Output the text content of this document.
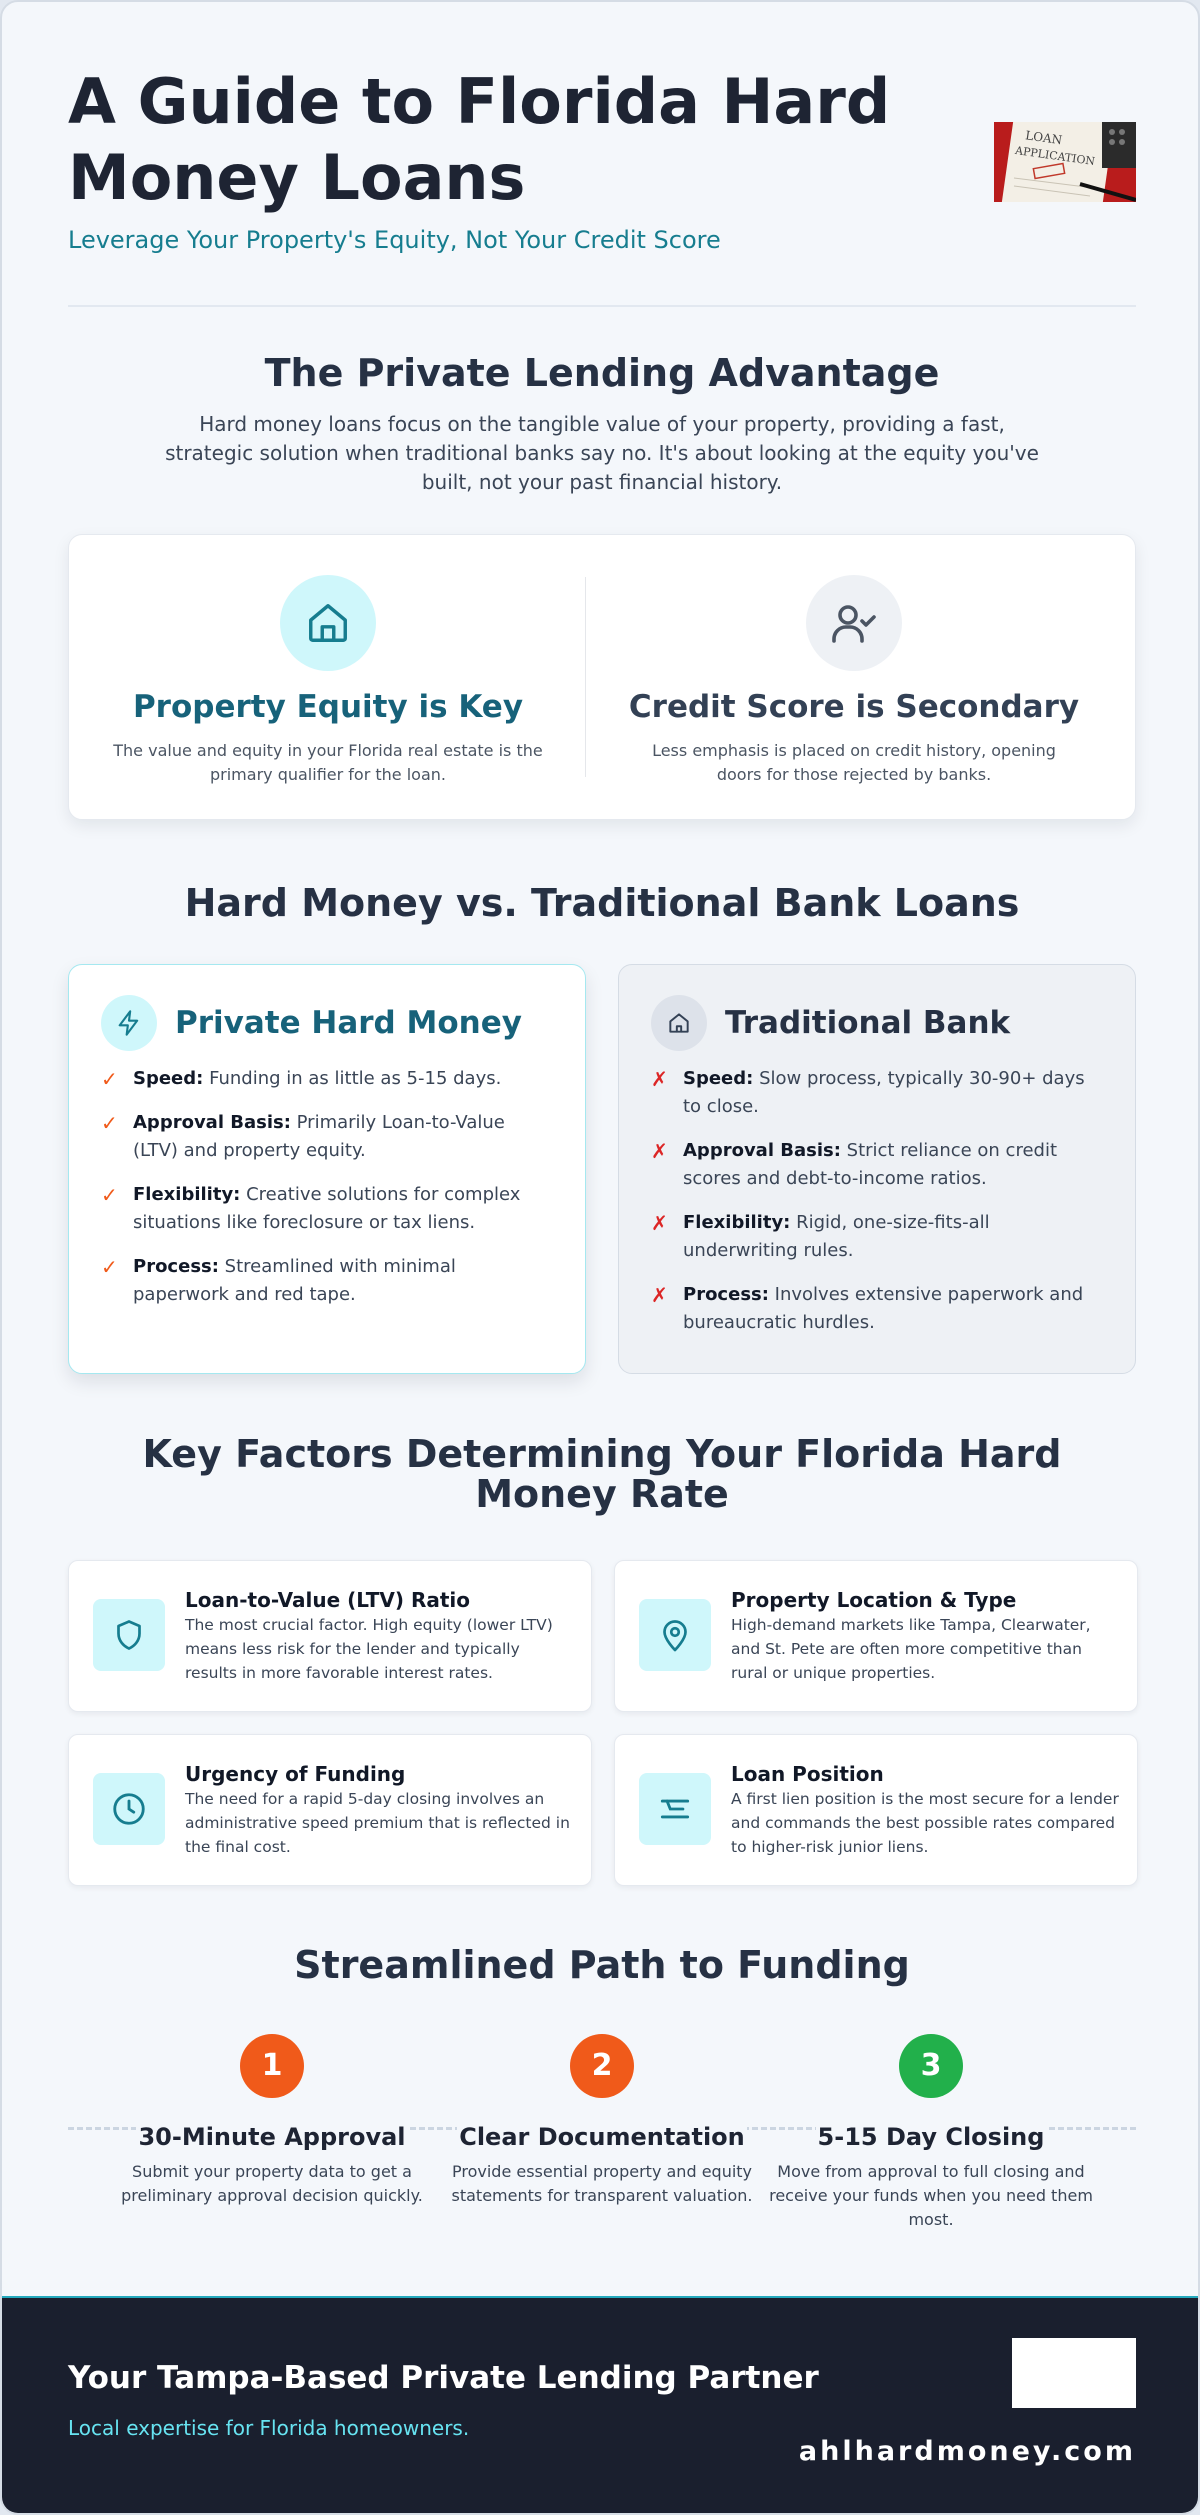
A Guide to Florida Hard Money Loans
Leverage Your Property's Equity, Not Your Credit Score
LOAN
APPLICATION
The Private Lending Advantage

Hard money loans focus on the tangible value of your property, providing a fast, strategic solution when traditional banks say no. It's about looking at the equity you've built, not your past financial history.

Property Equity is Key
The value and equity in your Florida real estate is the primary qualifier for the loan.
Credit Score is Secondary
Less emphasis is placed on credit history, opening doors for those rejected by banks.
Hard Money vs. Traditional Bank Loans
Private Hard Money
✓ Speed: Funding in as little as 5-15 days.
✓ Approval Basis: Primarily Loan-to-Value (LTV) and property equity.
✓ Flexibility: Creative solutions for complex situations like foreclosure or tax liens.
✓ Process: Streamlined with minimal paperwork and red tape.
Traditional Bank
✗ Speed: Slow process, typically 30-90+ days to close.
✗ Approval Basis: Strict reliance on credit scores and debt-to-income ratios.
✗ Flexibility: Rigid, one-size-fits-all underwriting rules.
✗ Process: Involves extensive paperwork and bureaucratic hurdles.
Key Factors Determining Your Florida Hard Money Rate
Loan-to-Value (LTV) Ratio
The most crucial factor. High equity (lower LTV) means less risk for the lender and typically results in more favorable interest rates.
Property Location & Type
High-demand markets like Tampa, Clearwater, and St. Pete are often more competitive than rural or unique properties.
Urgency of Funding
The need for a rapid 5-day closing involves an administrative speed premium that is reflected in the final cost.
Loan Position
A first lien position is the most secure for a lender and commands the best possible rates compared to higher-risk junior liens.
Streamlined Path to Funding
1
30-Minute Approval
Submit your property data to get a preliminary approval decision quickly.
2
Clear Documentation
Provide essential property and equity statements for transparent valuation.
3
5-15 Day Closing
Move from approval to full closing and receive your funds when you need them most.
Your Tampa-Based Private Lending Partner
Local expertise for Florida homeowners.
ahlhardmoney.com
